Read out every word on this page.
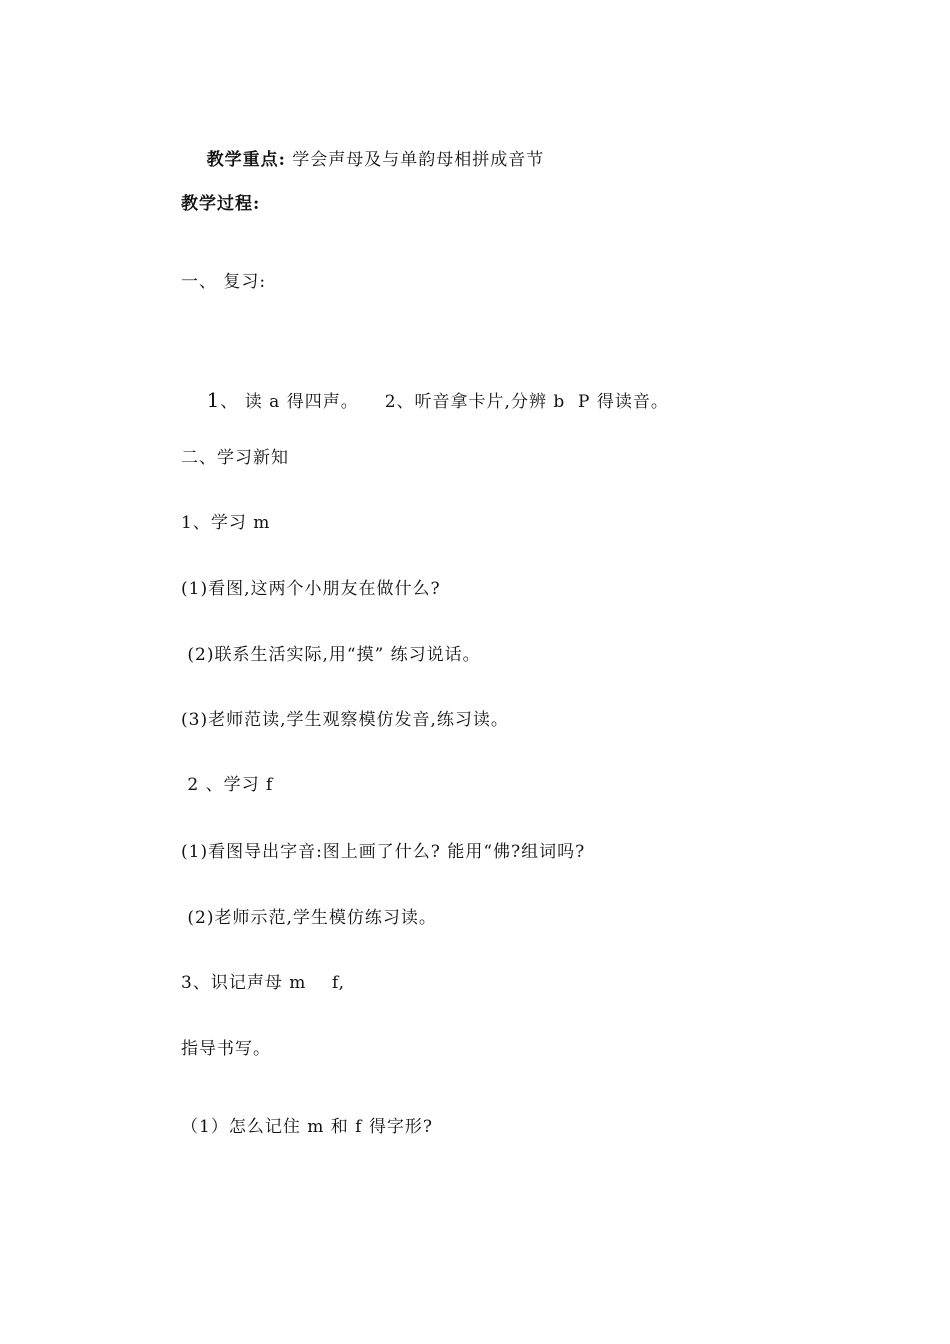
教学重点: 学会声母及与单韵母相拼成音节

教学过程:
一、 复习:

1、 读 a 得四声。 2、听音拿卡片,分辨 b  P 得读音。

二、学习新知
1、学习 m
(1)看图,这两个小朋友在做什么?
(2)联系生活实际,用“摸” 练习说话。
(3)老师范读,学生观察模仿发音,练习读。
2 、学习 f
(1)看图导出字音:图上画了什么? 能用“佛?组词吗?
(2)老师示范,学生模仿练习读。
3、识记声母 m    f,
指导书写。
（1）怎么记住 m 和 f 得字形?
